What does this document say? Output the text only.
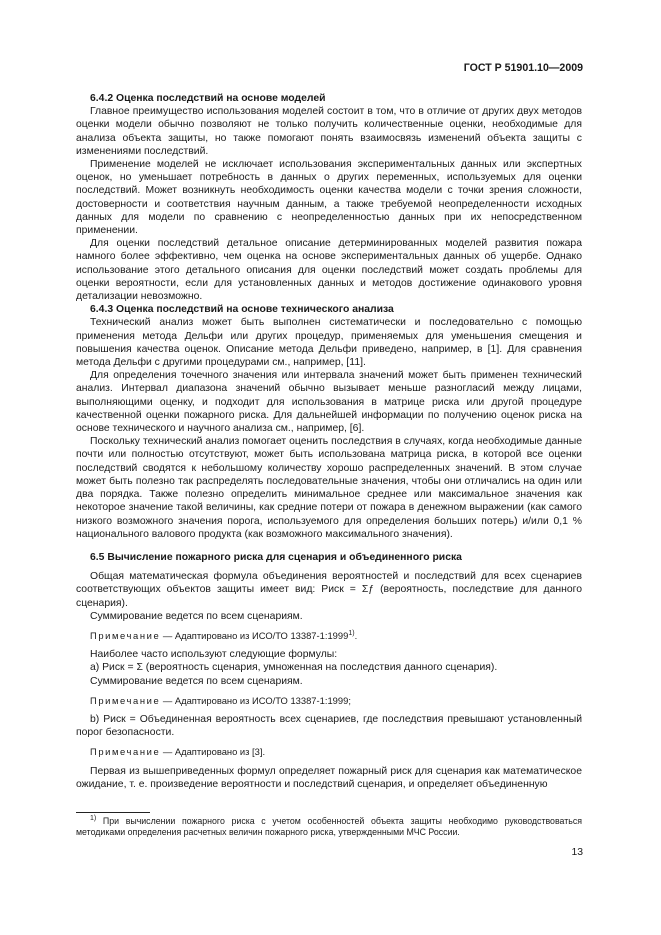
ГОСТ Р 51901.10—2009

6.4.2 Оценка последствий на основе моделей

Главное преимущество использования моделей состоит в том, что в отличие от других двух методов оценки модели обычно позволяют не только получить количественные оценки, необходимые для анализа объекта защиты, но также помогают понять взаимосвязь изменений объекта защиты с изменениями последствий.

Применение моделей не исключает использования экспериментальных данных или экспертных оценок, но уменьшает потребность в данных о других переменных, используемых для оценки последствий. Может возникнуть необходимость оценки качества модели с точки зрения сложности, достоверности и соответствия научным данным, а также требуемой неопределенности исходных данных для модели по сравнению с неопределенностью данных при их непосредственном применении.

Для оценки последствий детальное описание детерминированных моделей развития пожара намного более эффективно, чем оценка на основе экспериментальных данных об ущербе. Однако использование этого детального описания для оценки последствий может создать проблемы для оценки вероятности, если для установленных данных и методов достижение одинакового уровня детализации невозможно.

6.4.3 Оценка последствий на основе технического анализа

Технический анализ может быть выполнен систематически и последовательно с помощью применения метода Дельфи или других процедур, применяемых для уменьшения смещения и повышения качества оценок. Описание метода Дельфи приведено, например, в [1]. Для сравнения метода Дельфи с другими процедурами см., например, [11].

Для определения точечного значения или интервала значений может быть применен технический анализ. Интервал диапазона значений обычно вызывает меньше разногласий между лицами, выполняющими оценку, и подходит для использования в матрице риска или другой процедуре качественной оценки пожарного риска. Для дальнейшей информации по получению оценок риска на основе технического и научного анализа см., например, [6].

Поскольку технический анализ помогает оценить последствия в случаях, когда необходимые данные почти или полностью отсутствуют, может быть использована матрица риска, в которой все оценки последствий сводятся к небольшому количеству хорошо распределенных значений. В этом случае может быть полезно так распределять последовательные значения, чтобы они отличались на один или два порядка. Также полезно определить минимальное среднее или максимальное значения как некоторое значение такой величины, как средние потери от пожара в денежном выражении (как самого низкого возможного значения порога, используемого для определения больших потерь) и/или 0,1 % национального валового продукта (как возможного максимального значения).

6.5 Вычисление пожарного риска для сценария и объединенного риска

Общая математическая формула объединения вероятностей и последствий для всех сценариев соответствующих объектов защиты имеет вид: Риск = Σƒ (вероятность, последствие для данного сценария).

Суммирование ведется по всем сценариям.

Примечание — Адаптировано из ИСО/ТО 13387-1:1999$^{1)}$.

Наиболее часто используют следующие формулы:

а) Риск = Σ (вероятность сценария, умноженная на последствия данного сценария).

Суммирование ведется по всем сценариям.

Примечание — Адаптировано из ИСО/ТО 13387-1:1999;

b) Риск = Объединенная вероятность всех сценариев, где последствия превышают установленный порог безопасности.

Примечание — Адаптировано из [3].

Первая из вышеприведенных формул определяет пожарный риск для сценария как математическое ожидание, т. е. произведение вероятности и последствий сценария, и определяет объединенную

$^{1)}$ При вычислении пожарного риска с учетом особенностей объекта защиты необходимо руководствоваться методиками определения расчетных величин пожарного риска, утвержденными МЧС России.
13
